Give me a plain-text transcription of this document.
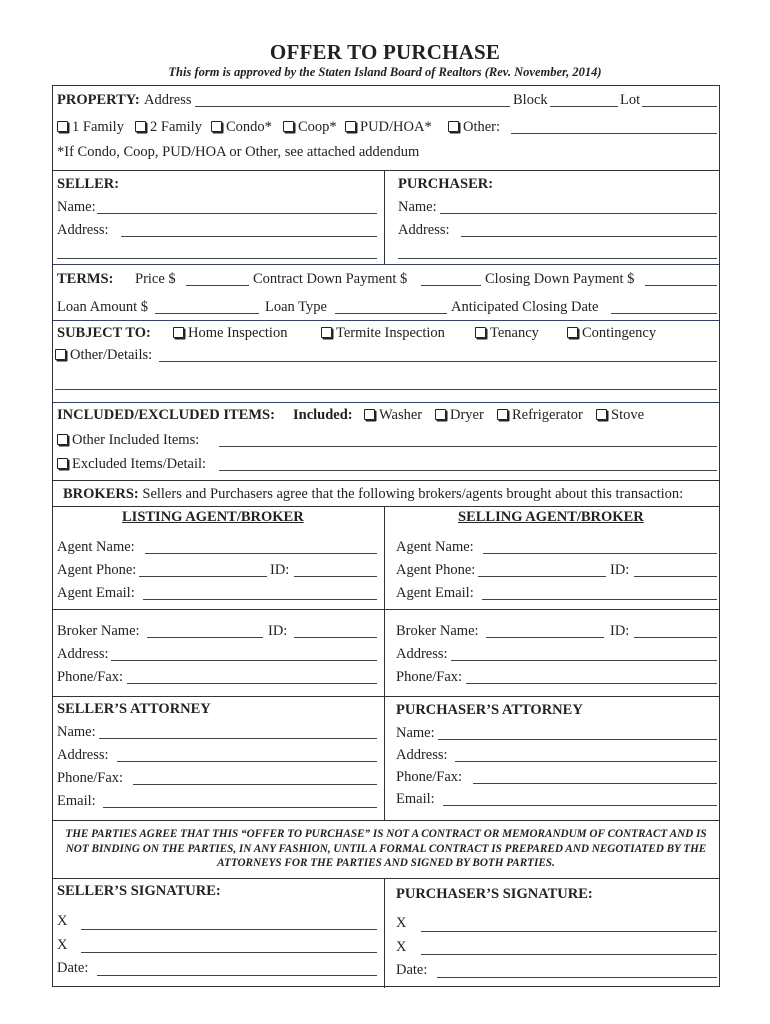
OFFER TO PURCHASE
This form is approved by the Staten Island Board of Realtors (Rev. November, 2014)
PROPERTY: Address	Block	Lot
1 Family	2 Family	Condo*	Coop*	PUD/HOA*	Other:
*If Condo, Coop, PUD/HOA or Other, see attached addendum
SELLER:
Name:
Address:
PURCHASER:
Name:
Address:
TERMS: Price $	Contract Down Payment $	Closing Down Payment $
Loan Amount $	Loan Type	Anticipated Closing Date
SUBJECT TO:	Home Inspection	Termite Inspection	Tenancy	Contingency
Other/Details:
INCLUDED/EXCLUDED ITEMS: Included:	Washer	Dryer	Refrigerator	Stove
Other Included Items:
Excluded Items/Detail:
BROKERS: Sellers and Purchasers agree that the following brokers/agents brought about this transaction:
LISTING AGENT/BROKER	SELLING AGENT/BROKER
Agent Name:
Agent Phone:	ID:
Agent Email:
Broker Name:	ID:
Address:
Phone/Fax:
Agent Name:
Agent Phone:	ID:
Agent Email:
Broker Name:	ID:
Address:
Phone/Fax:
SELLER’S ATTORNEY
Name:
Address:
Phone/Fax:
Email:
PURCHASER’S ATTORNEY
Name:
Address:
Phone/Fax:
Email:
THE PARTIES AGREE THAT THIS “OFFER TO PURCHASE” IS NOT A CONTRACT OR MEMORANDUM OF CONTRACT AND IS NOT BINDING ON THE PARTIES, IN ANY FASHION, UNTIL A FORMAL CONTRACT IS PREPARED AND NEGOTIATED BY THE ATTORNEYS FOR THE PARTIES AND SIGNED BY BOTH PARTIES.
SELLER’S SIGNATURE:
X
X
Date:
PURCHASER’S SIGNATURE:
X
X
Date:
